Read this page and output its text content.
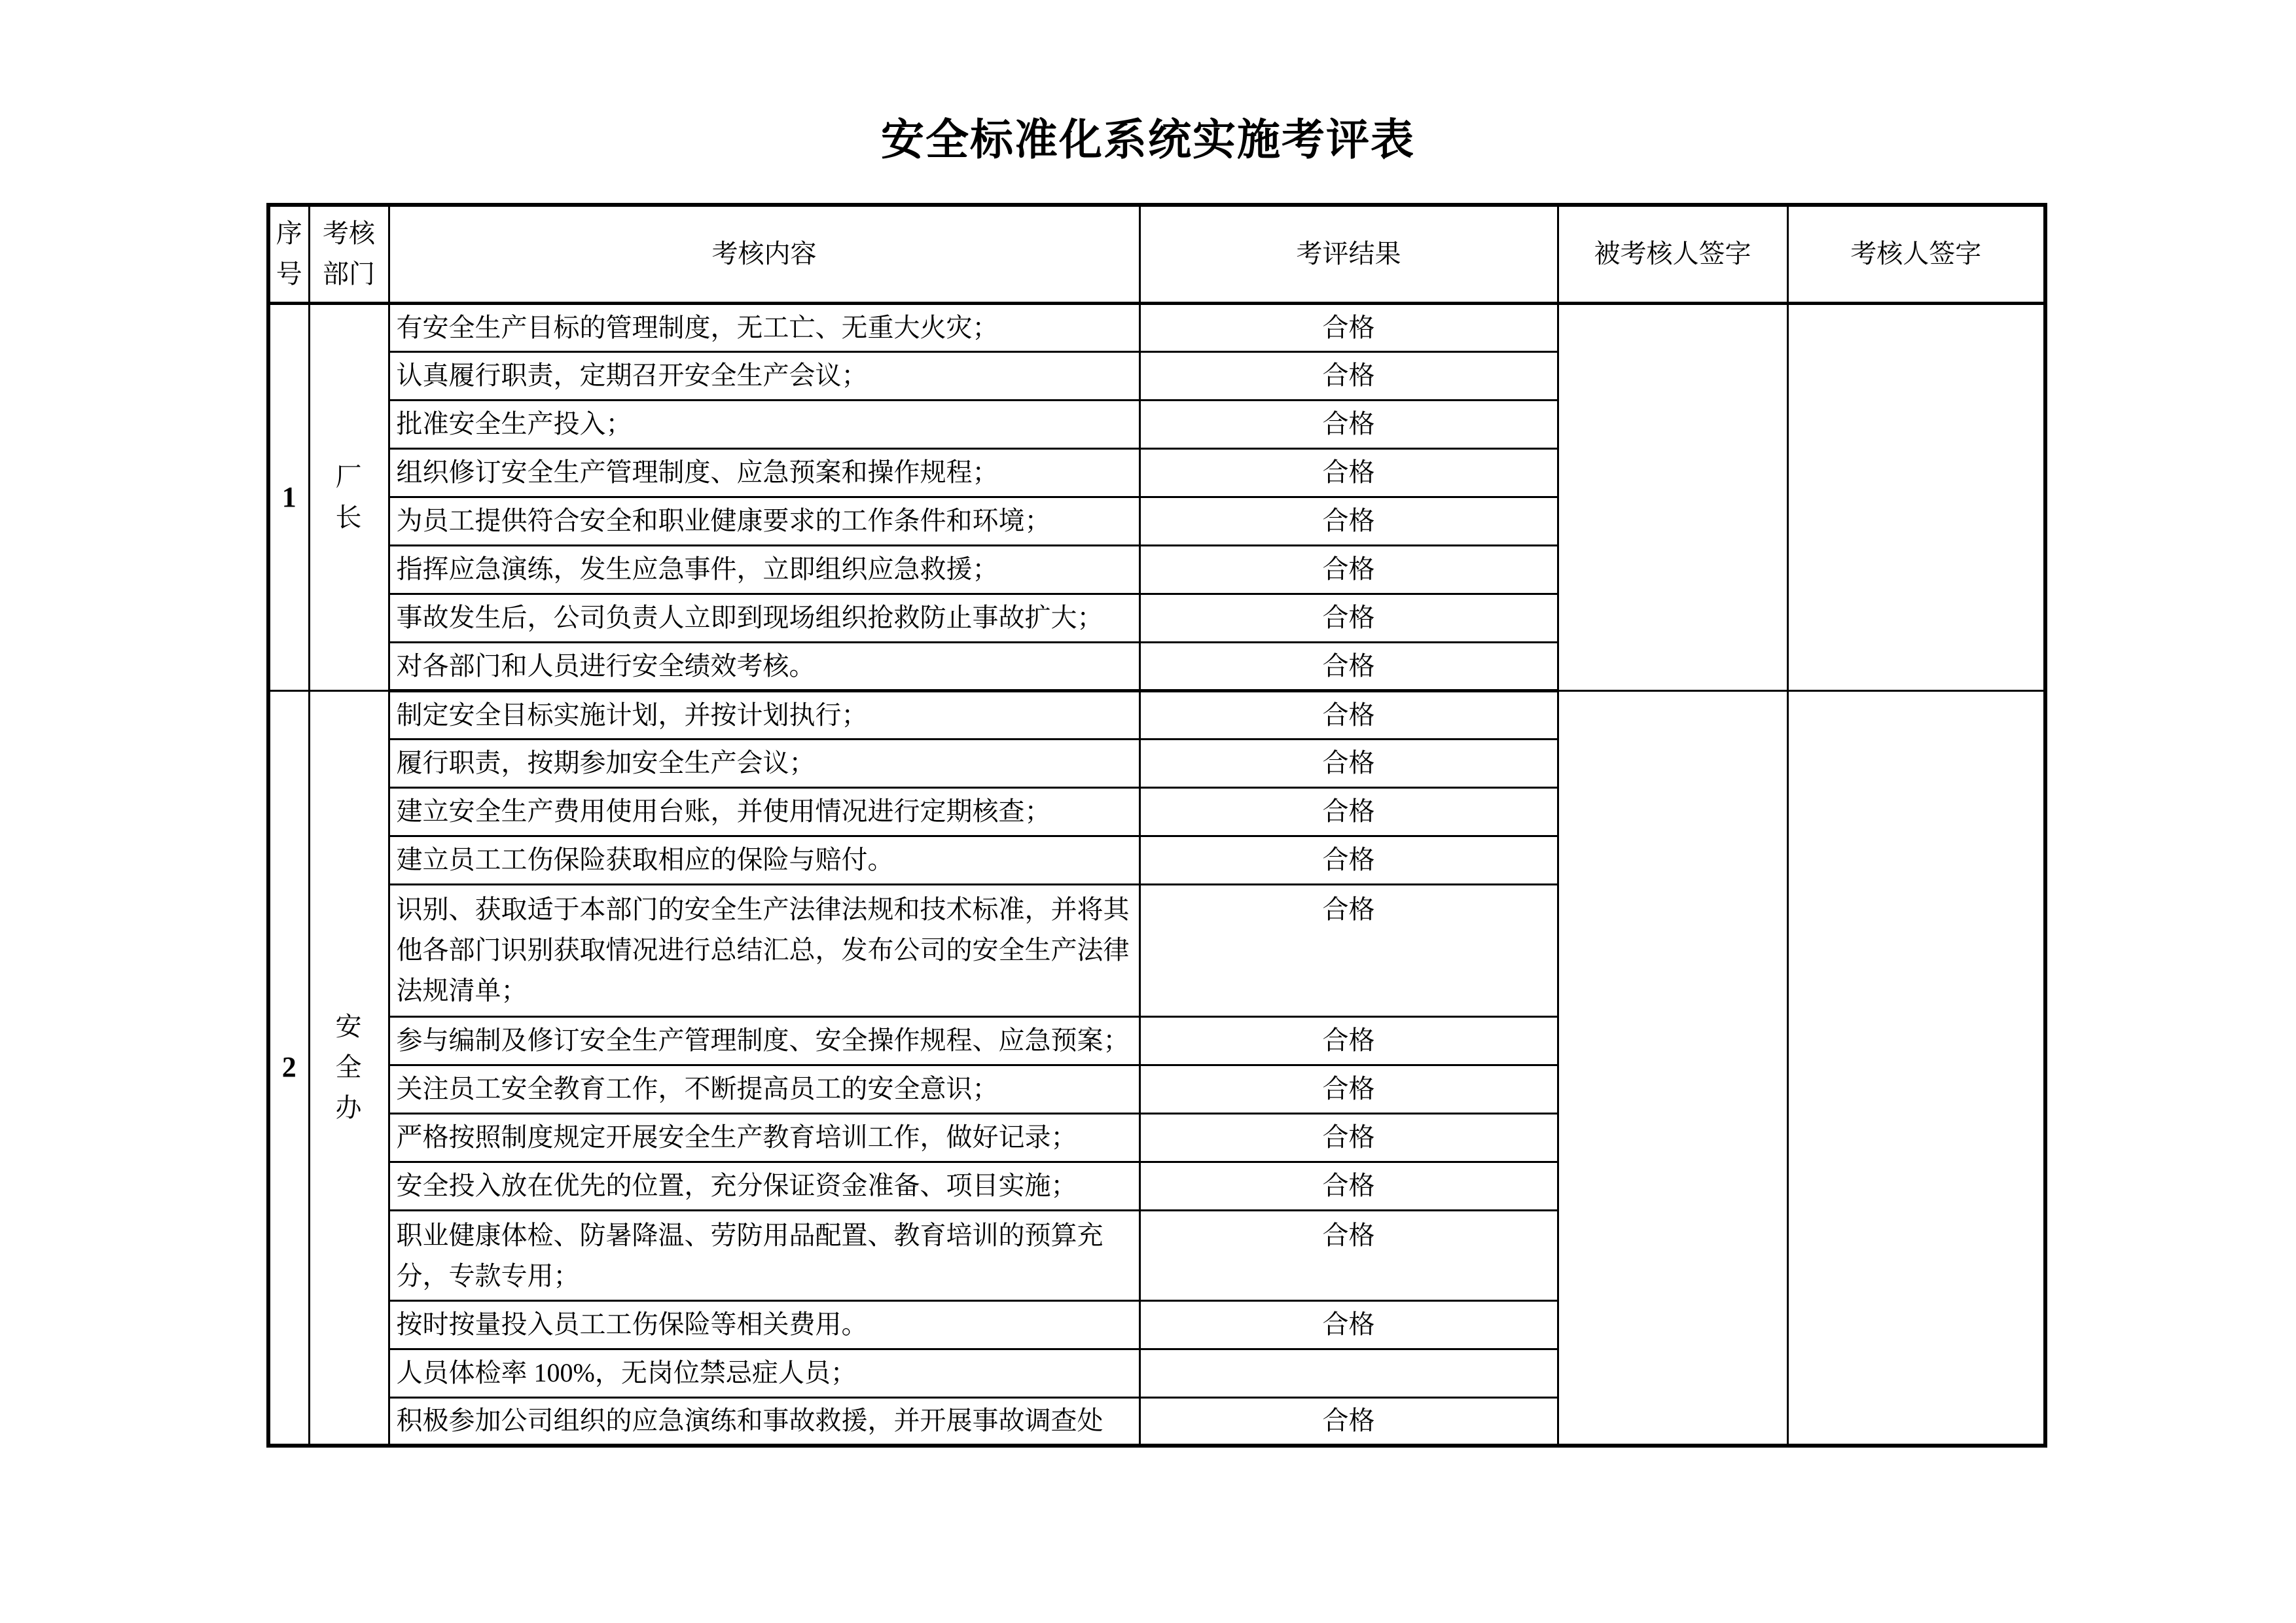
安全标准化系统实施考评表
序号	考核部门	考核内容	考评结果	被考核人签字	考核人签字
1	厂长	有安全生产目标的管理制度，无工亡、无重大火灾；	合格		
		认真履行职责，定期召开安全生产会议；	合格		
		批准安全生产投入；	合格		
		组织修订安全生产管理制度、应急预案和操作规程；	合格		
		为员工提供符合安全和职业健康要求的工作条件和环境；	合格		
		指挥应急演练，发生应急事件，立即组织应急救援；	合格		
		事故发生后，公司负责人立即到现场组织抢救防止事故扩大；	合格		
		对各部门和人员进行安全绩效考核。	合格		
2	安全办	制定安全目标实施计划，并按计划执行；	合格		
		履行职责，按期参加安全生产会议；	合格		
		建立安全生产费用使用台账，并使用情况进行定期核查；	合格		
		建立员工工伤保险获取相应的保险与赔付。	合格		
		识别、获取适于本部门的安全生产法律法规和技术标准，并将其他各部门识别获取情况进行总结汇总，发布公司的安全生产法律法规清单；	合格		
		参与编制及修订安全生产管理制度、安全操作规程、应急预案；	合格		
		关注员工安全教育工作，不断提高员工的安全意识；	合格		
		严格按照制度规定开展安全生产教育培训工作，做好记录；	合格		
		安全投入放在优先的位置，充分保证资金准备、项目实施；	合格		
		职业健康体检、防暑降温、劳防用品配置、教育培训的预算充分，专款专用；	合格		
		按时按量投入员工工伤保险等相关费用。	合格		
		人员体检率 100%，无岗位禁忌症人员；			
		积极参加公司组织的应急演练和事故救援，并开展事故调查处	合格		
